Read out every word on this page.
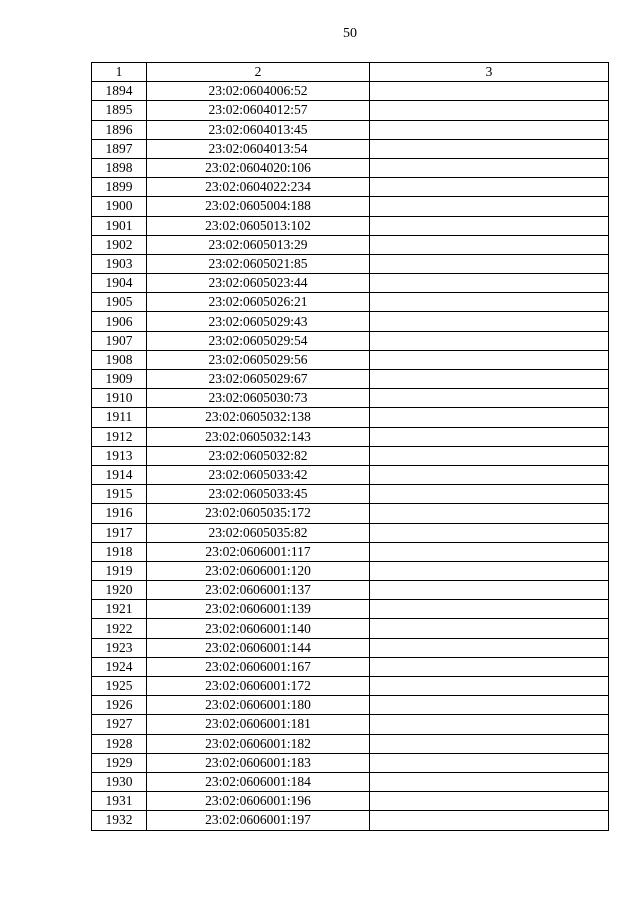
50
1	2	3
1894	23:02:0604006:52	
1895	23:02:0604012:57	
1896	23:02:0604013:45	
1897	23:02:0604013:54	
1898	23:02:0604020:106	
1899	23:02:0604022:234	
1900	23:02:0605004:188	
1901	23:02:0605013:102	
1902	23:02:0605013:29	
1903	23:02:0605021:85	
1904	23:02:0605023:44	
1905	23:02:0605026:21	
1906	23:02:0605029:43	
1907	23:02:0605029:54	
1908	23:02:0605029:56	
1909	23:02:0605029:67	
1910	23:02:0605030:73	
1911	23:02:0605032:138	
1912	23:02:0605032:143	
1913	23:02:0605032:82	
1914	23:02:0605033:42	
1915	23:02:0605033:45	
1916	23:02:0605035:172	
1917	23:02:0605035:82	
1918	23:02:0606001:117	
1919	23:02:0606001:120	
1920	23:02:0606001:137	
1921	23:02:0606001:139	
1922	23:02:0606001:140	
1923	23:02:0606001:144	
1924	23:02:0606001:167	
1925	23:02:0606001:172	
1926	23:02:0606001:180	
1927	23:02:0606001:181	
1928	23:02:0606001:182	
1929	23:02:0606001:183	
1930	23:02:0606001:184	
1931	23:02:0606001:196	
1932	23:02:0606001:197	
